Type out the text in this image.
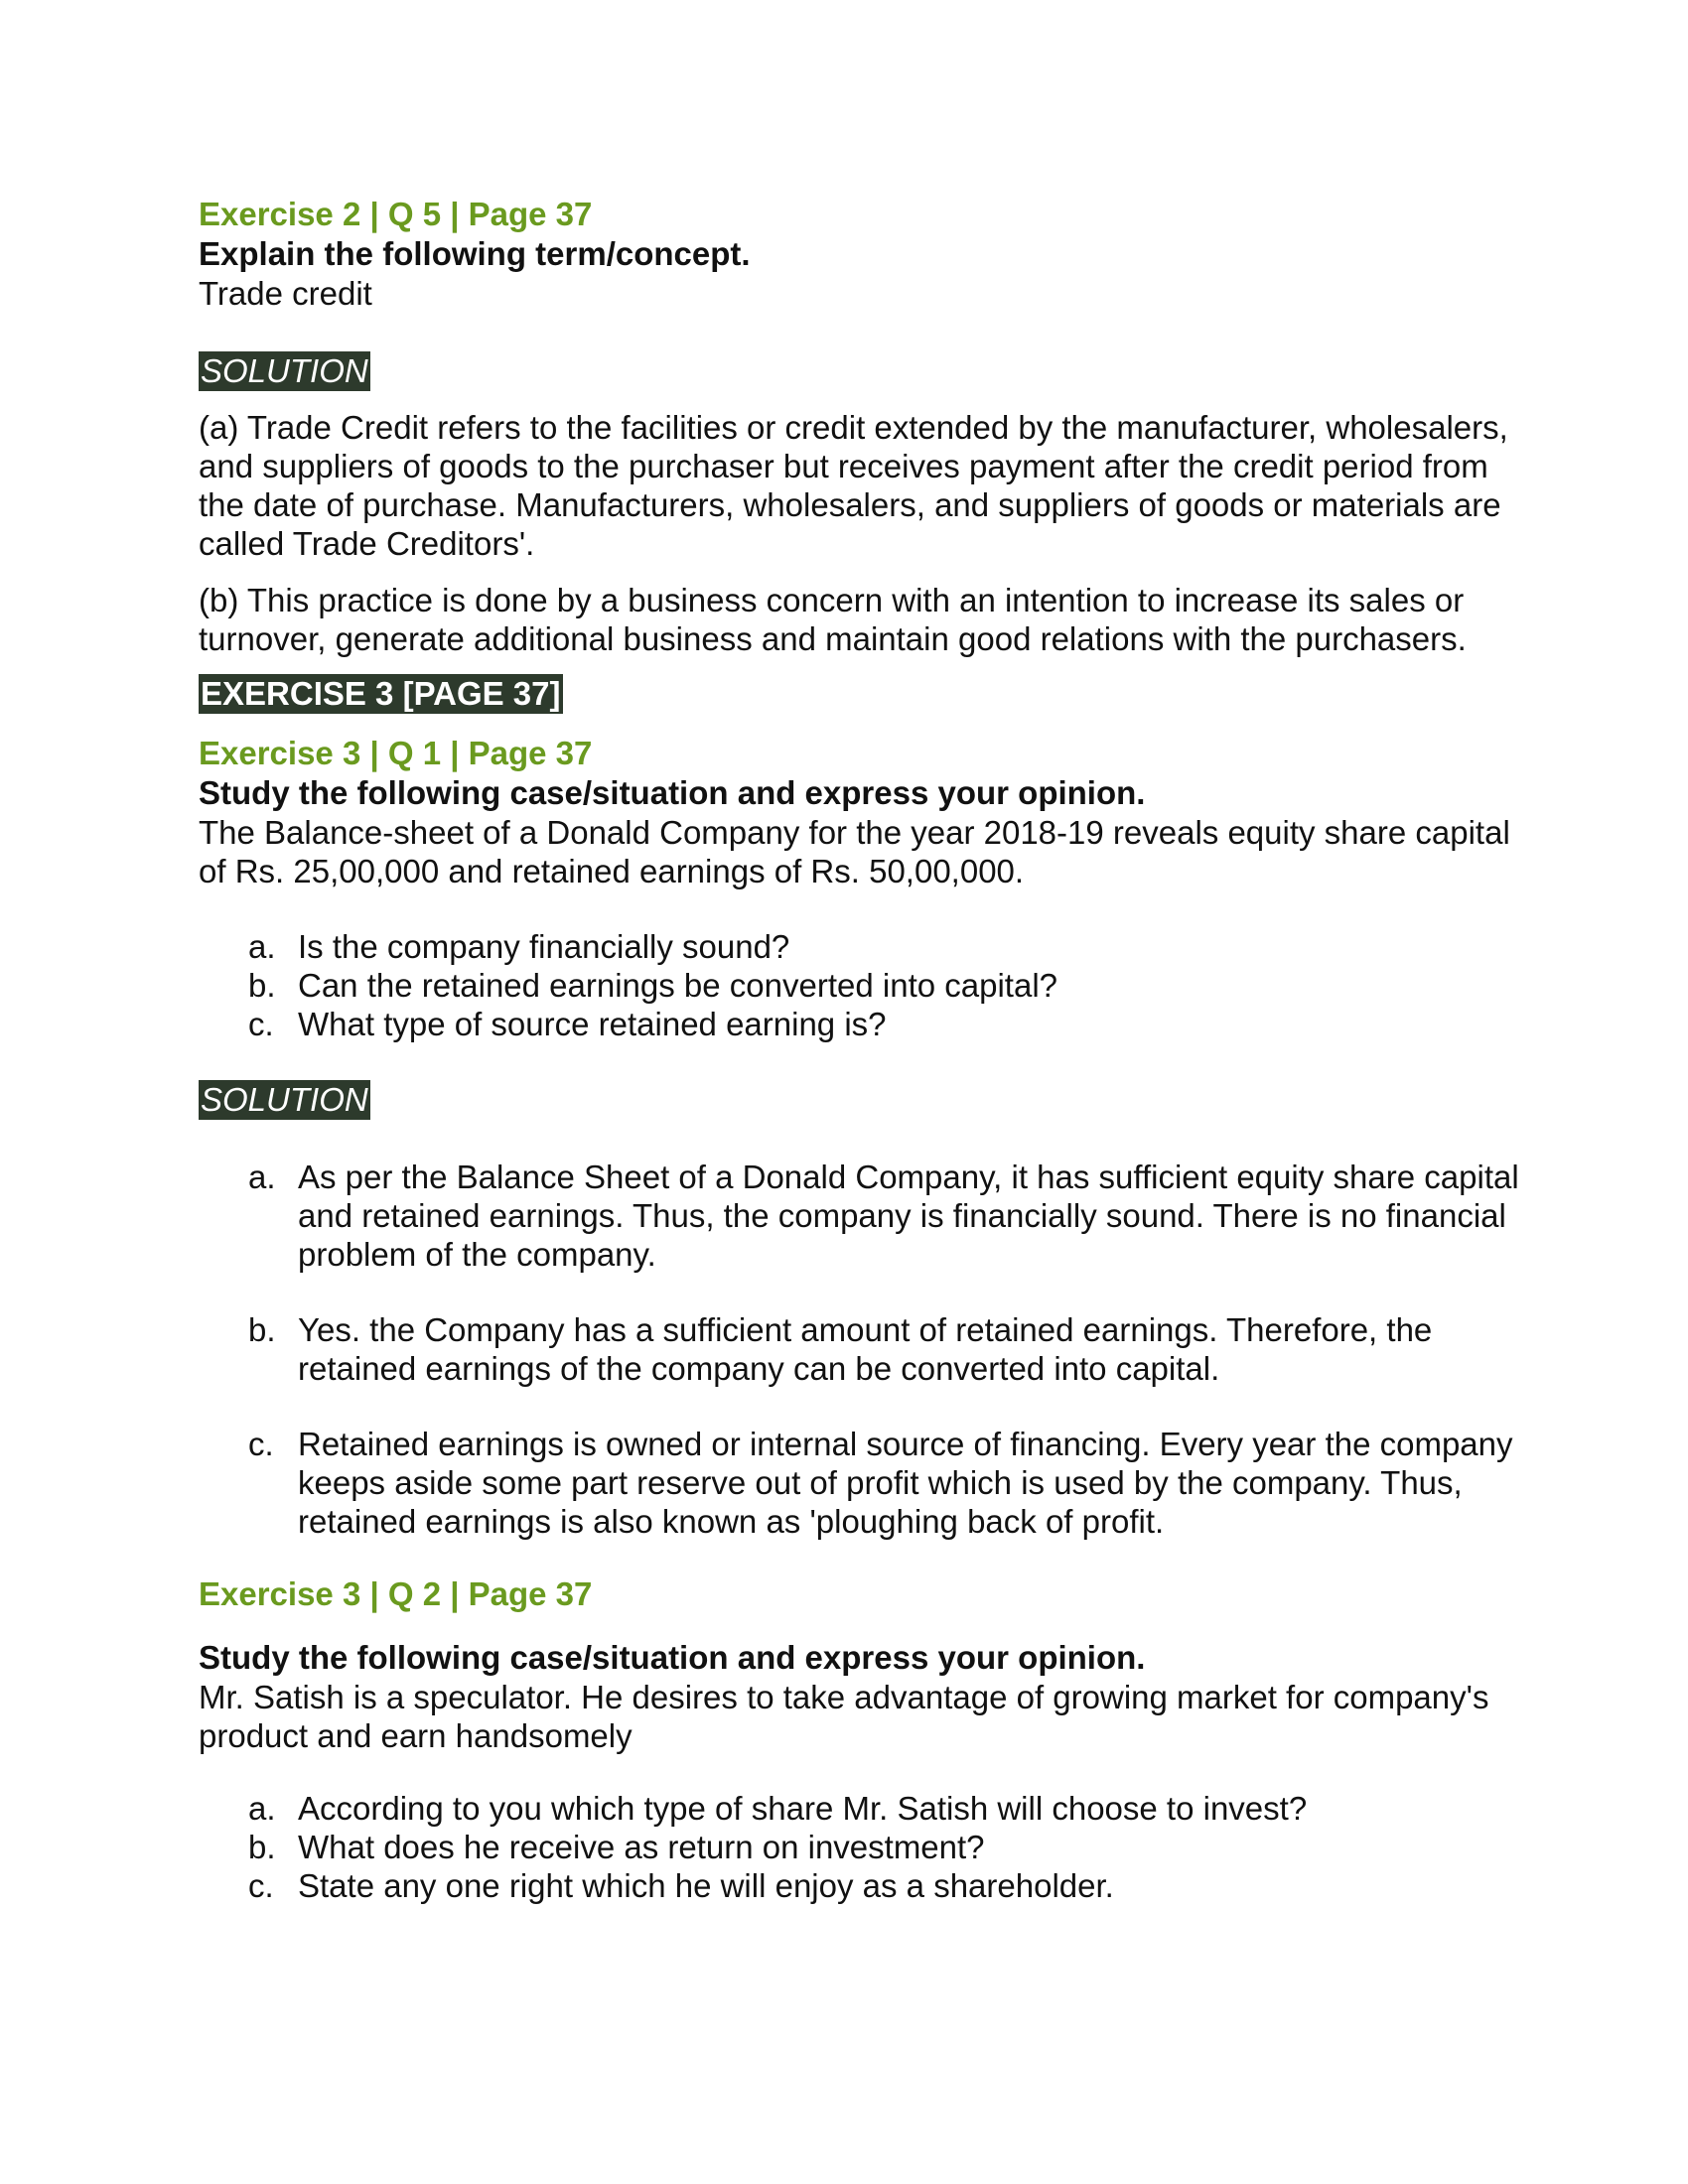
Exercise 2 | Q 5 | Page 37

Explain the following term/concept.

Trade credit

SOLUTION

(a) Trade Credit refers to the facilities or credit extended by the manufacturer, wholesalers, and suppliers of goods to the purchaser but receives payment after the credit period from the date of purchase. Manufacturers, wholesalers, and suppliers of goods or materials are called Trade Creditors'.

(b) This practice is done by a business concern with an intention to increase its sales or turnover, generate additional business and maintain good relations with the purchasers.

EXERCISE 3 [PAGE 37]
Exercise 3 | Q 1 | Page 37

Study the following case/situation and express your opinion.

The Balance-sheet of a Donald Company for the year 2018-19 reveals equity share capital of Rs. 25,00,000 and retained earnings of Rs. 50,00,000.

a. Is the company financially sound?
b. Can the retained earnings be converted into capital?
c. What type of source retained earning is?
SOLUTION
a. As per the Balance Sheet of a Donald Company, it has sufficient equity share capital and retained earnings. Thus, the company is financially sound. There is no financial problem of the company.
b. Yes. the Company has a sufficient amount of retained earnings. Therefore, the retained earnings of the company can be converted into capital.
c. Retained earnings is owned or internal source of financing. Every year the company keeps aside some part reserve out of profit which is used by the company. Thus, retained earnings is also known as 'ploughing back of profit.
Exercise 3 | Q 2 | Page 37

Study the following case/situation and express your opinion.

Mr. Satish is a speculator. He desires to take advantage of growing market for company's product and earn handsomely

a. According to you which type of share Mr. Satish will choose to invest?
b. What does he receive as return on investment?
c. State any one right which he will enjoy as a shareholder.
